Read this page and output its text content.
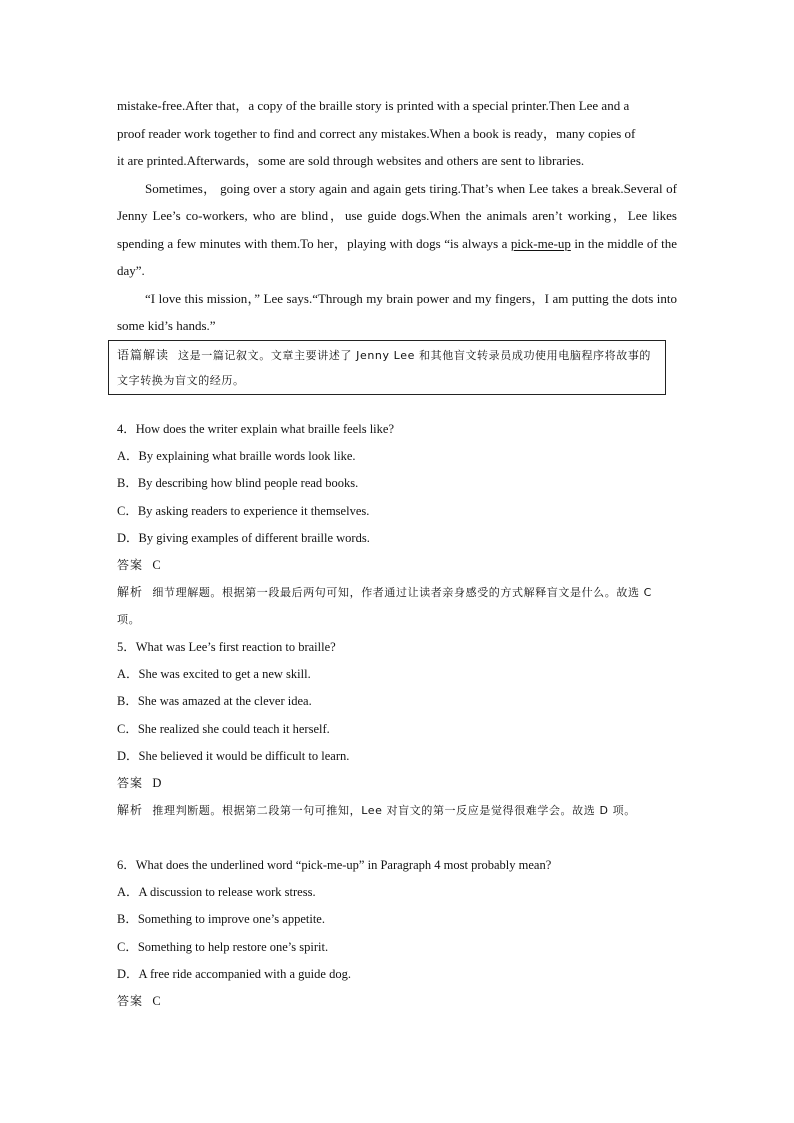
mistake-free.After that，a copy of the braille story is printed with a special printer.Then Lee and a
proof reader work together to find and correct any mistakes.When a book is ready，many copies of
it are printed.Afterwards，some are sold through websites and others are sent to libraries.

Sometimes， going over a story again and again gets tiring.That’s when Lee takes a break.Several of Jenny Lee’s co-workers, who are blind，use guide dogs.When the animals aren’t working，Lee likes spending a few minutes with them.To her，playing with dogs “is always a pick-me-up in the middle of the day”.

“I love this mission，” Lee says.“Through my brain power and my fingers，I am putting the dots into some kid’s hands.”

语篇解读 这是一篇记叙文。文章主要讲述了 Jenny Lee 和其他盲文转录员成功使用电脑程序将故事的文字转换为盲文的经历。
4．How does the writer explain what braille feels like?
A．By explaining what braille words look like.
B．By describing how blind people read books.
C．By asking readers to experience it themselves.
D．By giving examples of different braille words.
答案 C
解析 细节理解题。根据第一段最后两句可知，作者通过让读者亲身感受的方式解释盲文是什么。故选 C 项。
5．What was Lee’s first reaction to braille?
A．She was excited to get a new skill.
B．She was amazed at the clever idea.
C．She realized she could teach it herself.
D．She believed it would be difficult to learn.
答案 D
解析 推理判断题。根据第二段第一句可推知，Lee 对盲文的第一反应是觉得很难学会。故选 D 项。
6．What does the underlined word “pick-me-up” in Paragraph 4 most probably mean?
A．A discussion to release work stress.
B．Something to improve one’s appetite.
C．Something to help restore one’s spirit.
D．A free ride accompanied with a guide dog.
答案 C
